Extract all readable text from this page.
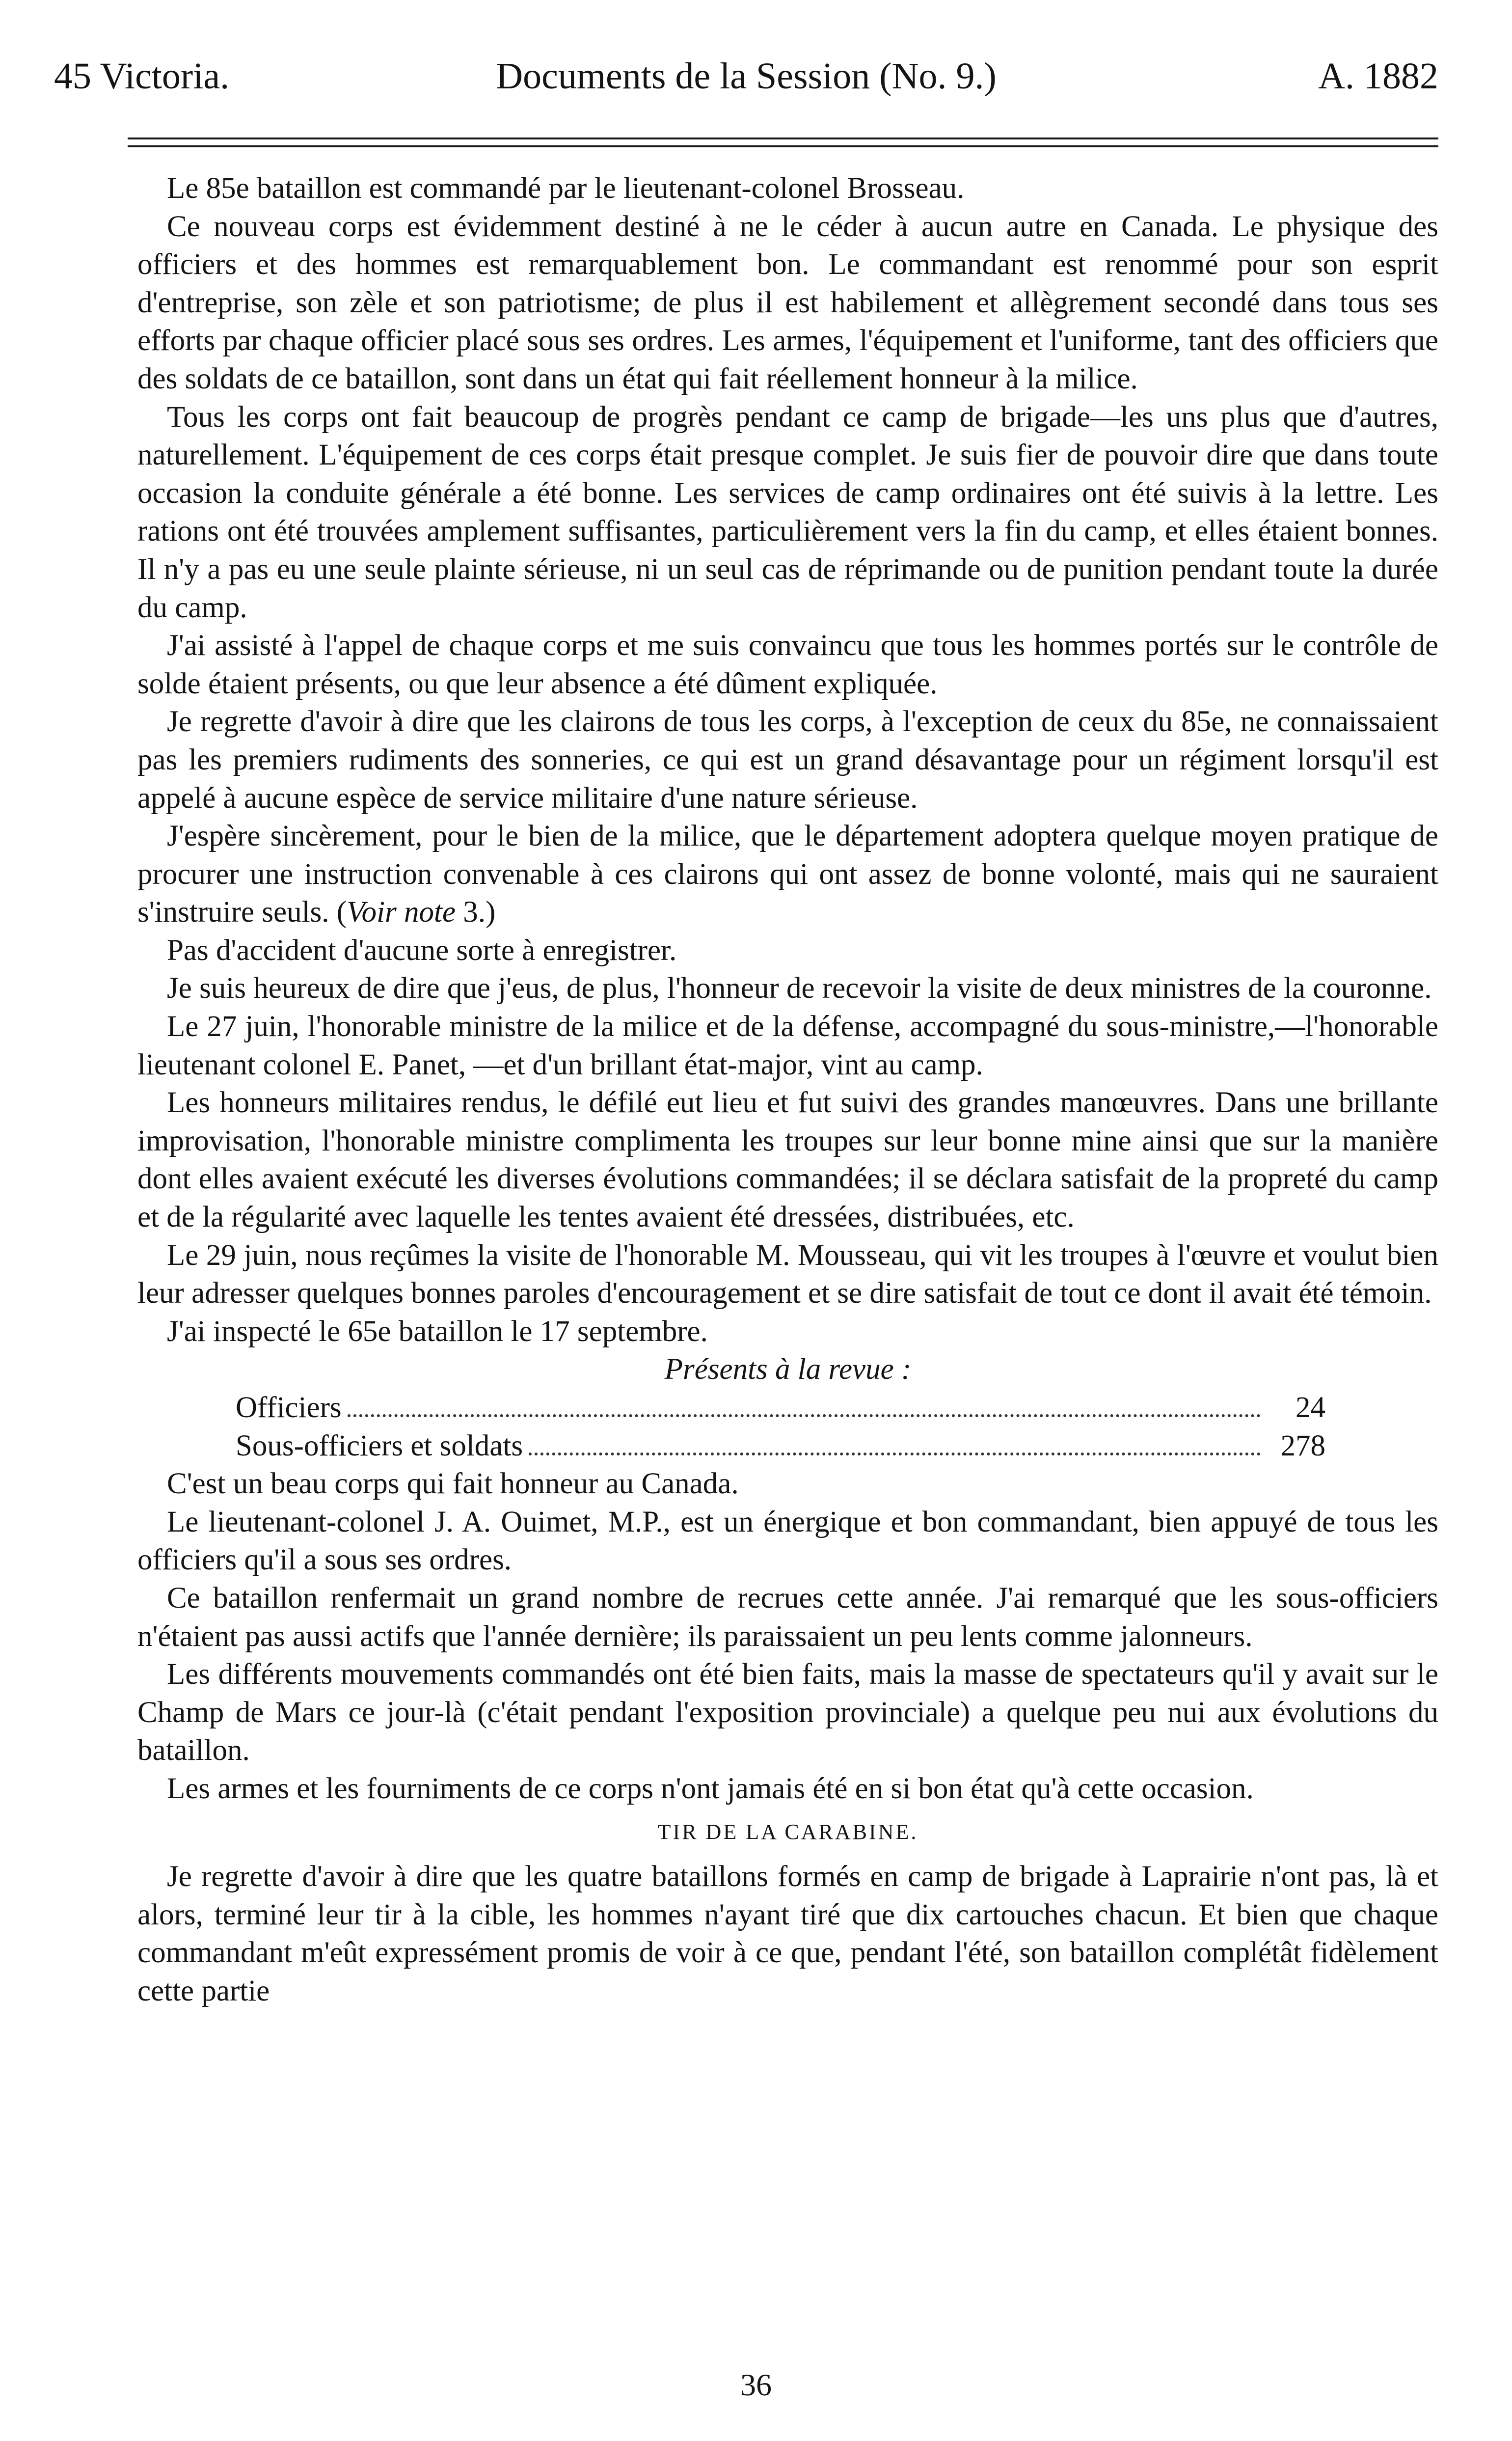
45 Victoria.	Documents de la Session (No. 9.)	A. 1882

Le 85e bataillon est commandé par le lieutenant-colonel Brosseau.

Ce nouveau corps est évidemment destiné à ne le céder à aucun autre en Canada. Le physique des officiers et des hommes est remarquablement bon. Le commandant est renommé pour son esprit d'entreprise, son zèle et son patriotisme; de plus il est habilement et allègrement secondé dans tous ses efforts par chaque officier placé sous ses ordres. Les armes, l'équipement et l'uniforme, tant des officiers que des soldats de ce bataillon, sont dans un état qui fait réellement honneur à la milice.

Tous les corps ont fait beaucoup de progrès pendant ce camp de brigade—les uns plus que d'autres, naturellement. L'équipement de ces corps était presque complet. Je suis fier de pouvoir dire que dans toute occasion la conduite générale a été bonne. Les services de camp ordinaires ont été suivis à la lettre. Les rations ont été trouvées amplement suffisantes, particulièrement vers la fin du camp, et elles étaient bonnes. Il n'y a pas eu une seule plainte sérieuse, ni un seul cas de réprimande ou de punition pendant toute la durée du camp.

J'ai assisté à l'appel de chaque corps et me suis convaincu que tous les hommes portés sur le contrôle de solde étaient présents, ou que leur absence a été dûment expliquée.

Je regrette d'avoir à dire que les clairons de tous les corps, à l'exception de ceux du 85e, ne connaissaient pas les premiers rudiments des sonneries, ce qui est un grand désavantage pour un régiment lorsqu'il est appelé à aucune espèce de service militaire d'une nature sérieuse.

J'espère sincèrement, pour le bien de la milice, que le département adoptera quelque moyen pratique de procurer une instruction convenable à ces clairons qui ont assez de bonne volonté, mais qui ne sauraient s'instruire seuls. (Voir note 3.)

Pas d'accident d'aucune sorte à enregistrer.

Je suis heureux de dire que j'eus, de plus, l'honneur de recevoir la visite de deux ministres de la couronne.

Le 27 juin, l'honorable ministre de la milice et de la défense, accompagné du sous-ministre,—l'honorable lieutenant colonel E. Panet, —et d'un brillant état-major, vint au camp.

Les honneurs militaires rendus, le défilé eut lieu et fut suivi des grandes manœuvres. Dans une brillante improvisation, l'honorable ministre complimenta les troupes sur leur bonne mine ainsi que sur la manière dont elles avaient exécuté les diverses évolutions commandées; il se déclara satisfait de la propreté du camp et de la régularité avec laquelle les tentes avaient été dressées, distribuées, etc.

Le 29 juin, nous reçûmes la visite de l'honorable M. Mousseau, qui vit les troupes à l'œuvre et voulut bien leur adresser quelques bonnes paroles d'encouragement et se dire satisfait de tout ce dont il avait été témoin.

J'ai inspecté le 65e bataillon le 17 septembre.

Présents à la revue :

Officiers	24
Sous-officiers et soldats	278

C'est un beau corps qui fait honneur au Canada.

Le lieutenant-colonel J. A. Ouimet, M.P., est un énergique et bon commandant, bien appuyé de tous les officiers qu'il a sous ses ordres.

Ce bataillon renfermait un grand nombre de recrues cette année. J'ai remarqué que les sous-officiers n'étaient pas aussi actifs que l'année dernière; ils paraissaient un peu lents comme jalonneurs.

Les différents mouvements commandés ont été bien faits, mais la masse de spectateurs qu'il y avait sur le Champ de Mars ce jour-là (c'était pendant l'exposition provinciale) a quelque peu nui aux évolutions du bataillon.

Les armes et les fourniments de ce corps n'ont jamais été en si bon état qu'à cette occasion.

TIR DE LA CARABINE.

Je regrette d'avoir à dire que les quatre bataillons formés en camp de brigade à Laprairie n'ont pas, là et alors, terminé leur tir à la cible, les hommes n'ayant tiré que dix cartouches chacun. Et bien que chaque commandant m'eût expressément promis de voir à ce que, pendant l'été, son bataillon complétât fidèlement cette partie

36
